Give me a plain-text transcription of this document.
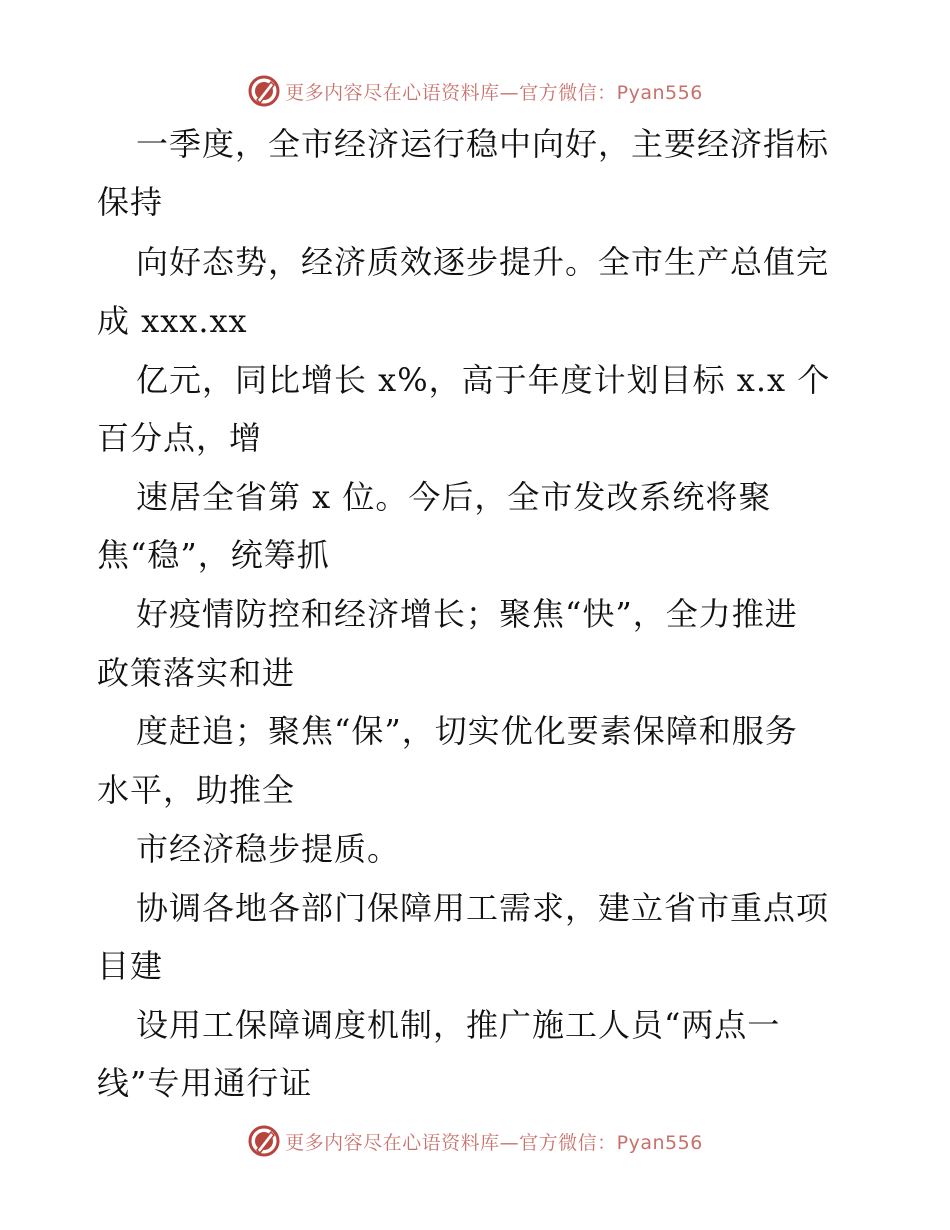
更多内容尽在心语资料库—官方微信：Pyan556
一季度，全市经济运行稳中向好，主要经济指标
保持
向好态势，经济质效逐步提升。全市生产总值完
成 xxx.xx
亿元，同比增长 x%，高于年度计划目标 x.x 个
百分点，增
速居全省第 x 位。今后，全市发改系统将聚
焦“稳”，统筹抓
好疫情防控和经济增长；聚焦“快”，全力推进
政策落实和进
度赶追；聚焦“保”，切实优化要素保障和服务
水平，助推全
市经济稳步提质。
协调各地各部门保障用工需求，建立省市重点项
目建
设用工保障调度机制，推广施工人员“两点一
线”专用通行证
更多内容尽在心语资料库—官方微信：Pyan556
